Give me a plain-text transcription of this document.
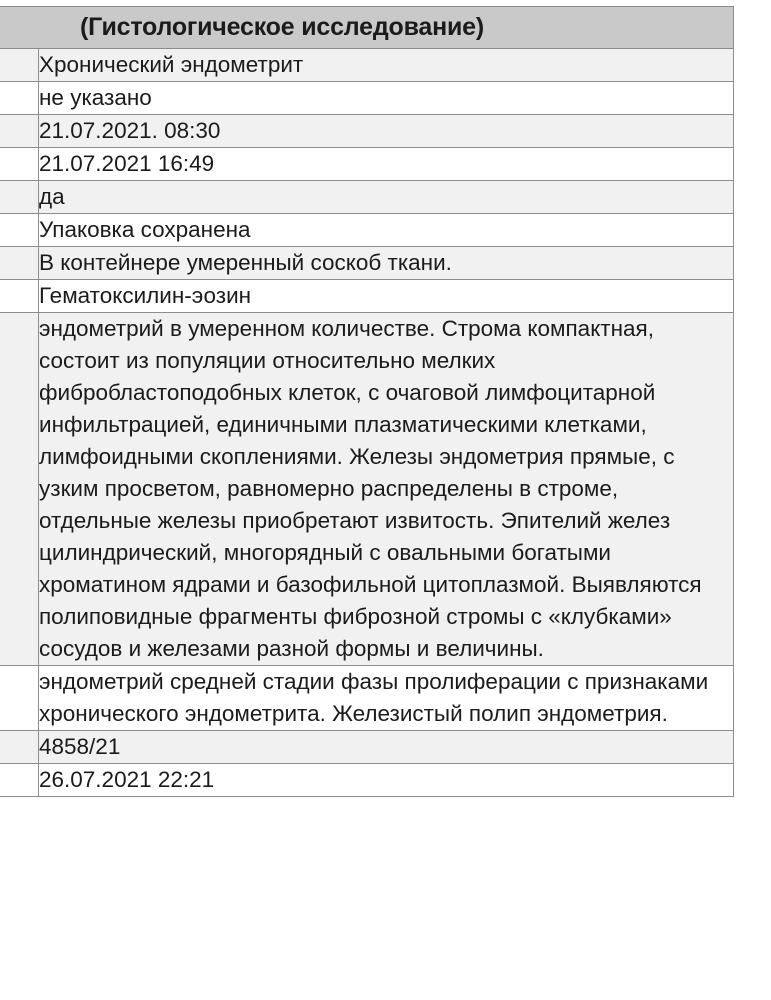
(Гистологическое исследование)	

	Хронический эндометрит

	не указано

	21.07.2021. 08:30

	21.07.2021 16:49

	да

	Упаковка сохранена

	В контейнере умеренный соскоб ткани.

	Гематоксилин-эозин

	эндометрий в умеренном количестве. Строма компактная, состоит из популяции относительно мелких фибробластоподобных клеток, с очаговой лимфоцитарной инфильтрацией, единичными плазматическими клетками, лимфоидными скоплениями. Железы эндометрия прямые, с узким просветом, равномерно распределены в строме, отдельные железы приобретают извитость. Эпителий желез цилиндрический, многорядный с овальными богатыми хроматином ядрами и базофильной цитоплазмой. Выявляются полиповидные фрагменты фиброзной стромы с «клубками» сосудов и железами разной формы и величины.

	эндометрий средней стадии фазы пролиферации с признаками хронического эндометрита. Железистый полип эндометрия.

	4858/21

	26.07.2021 22:21
